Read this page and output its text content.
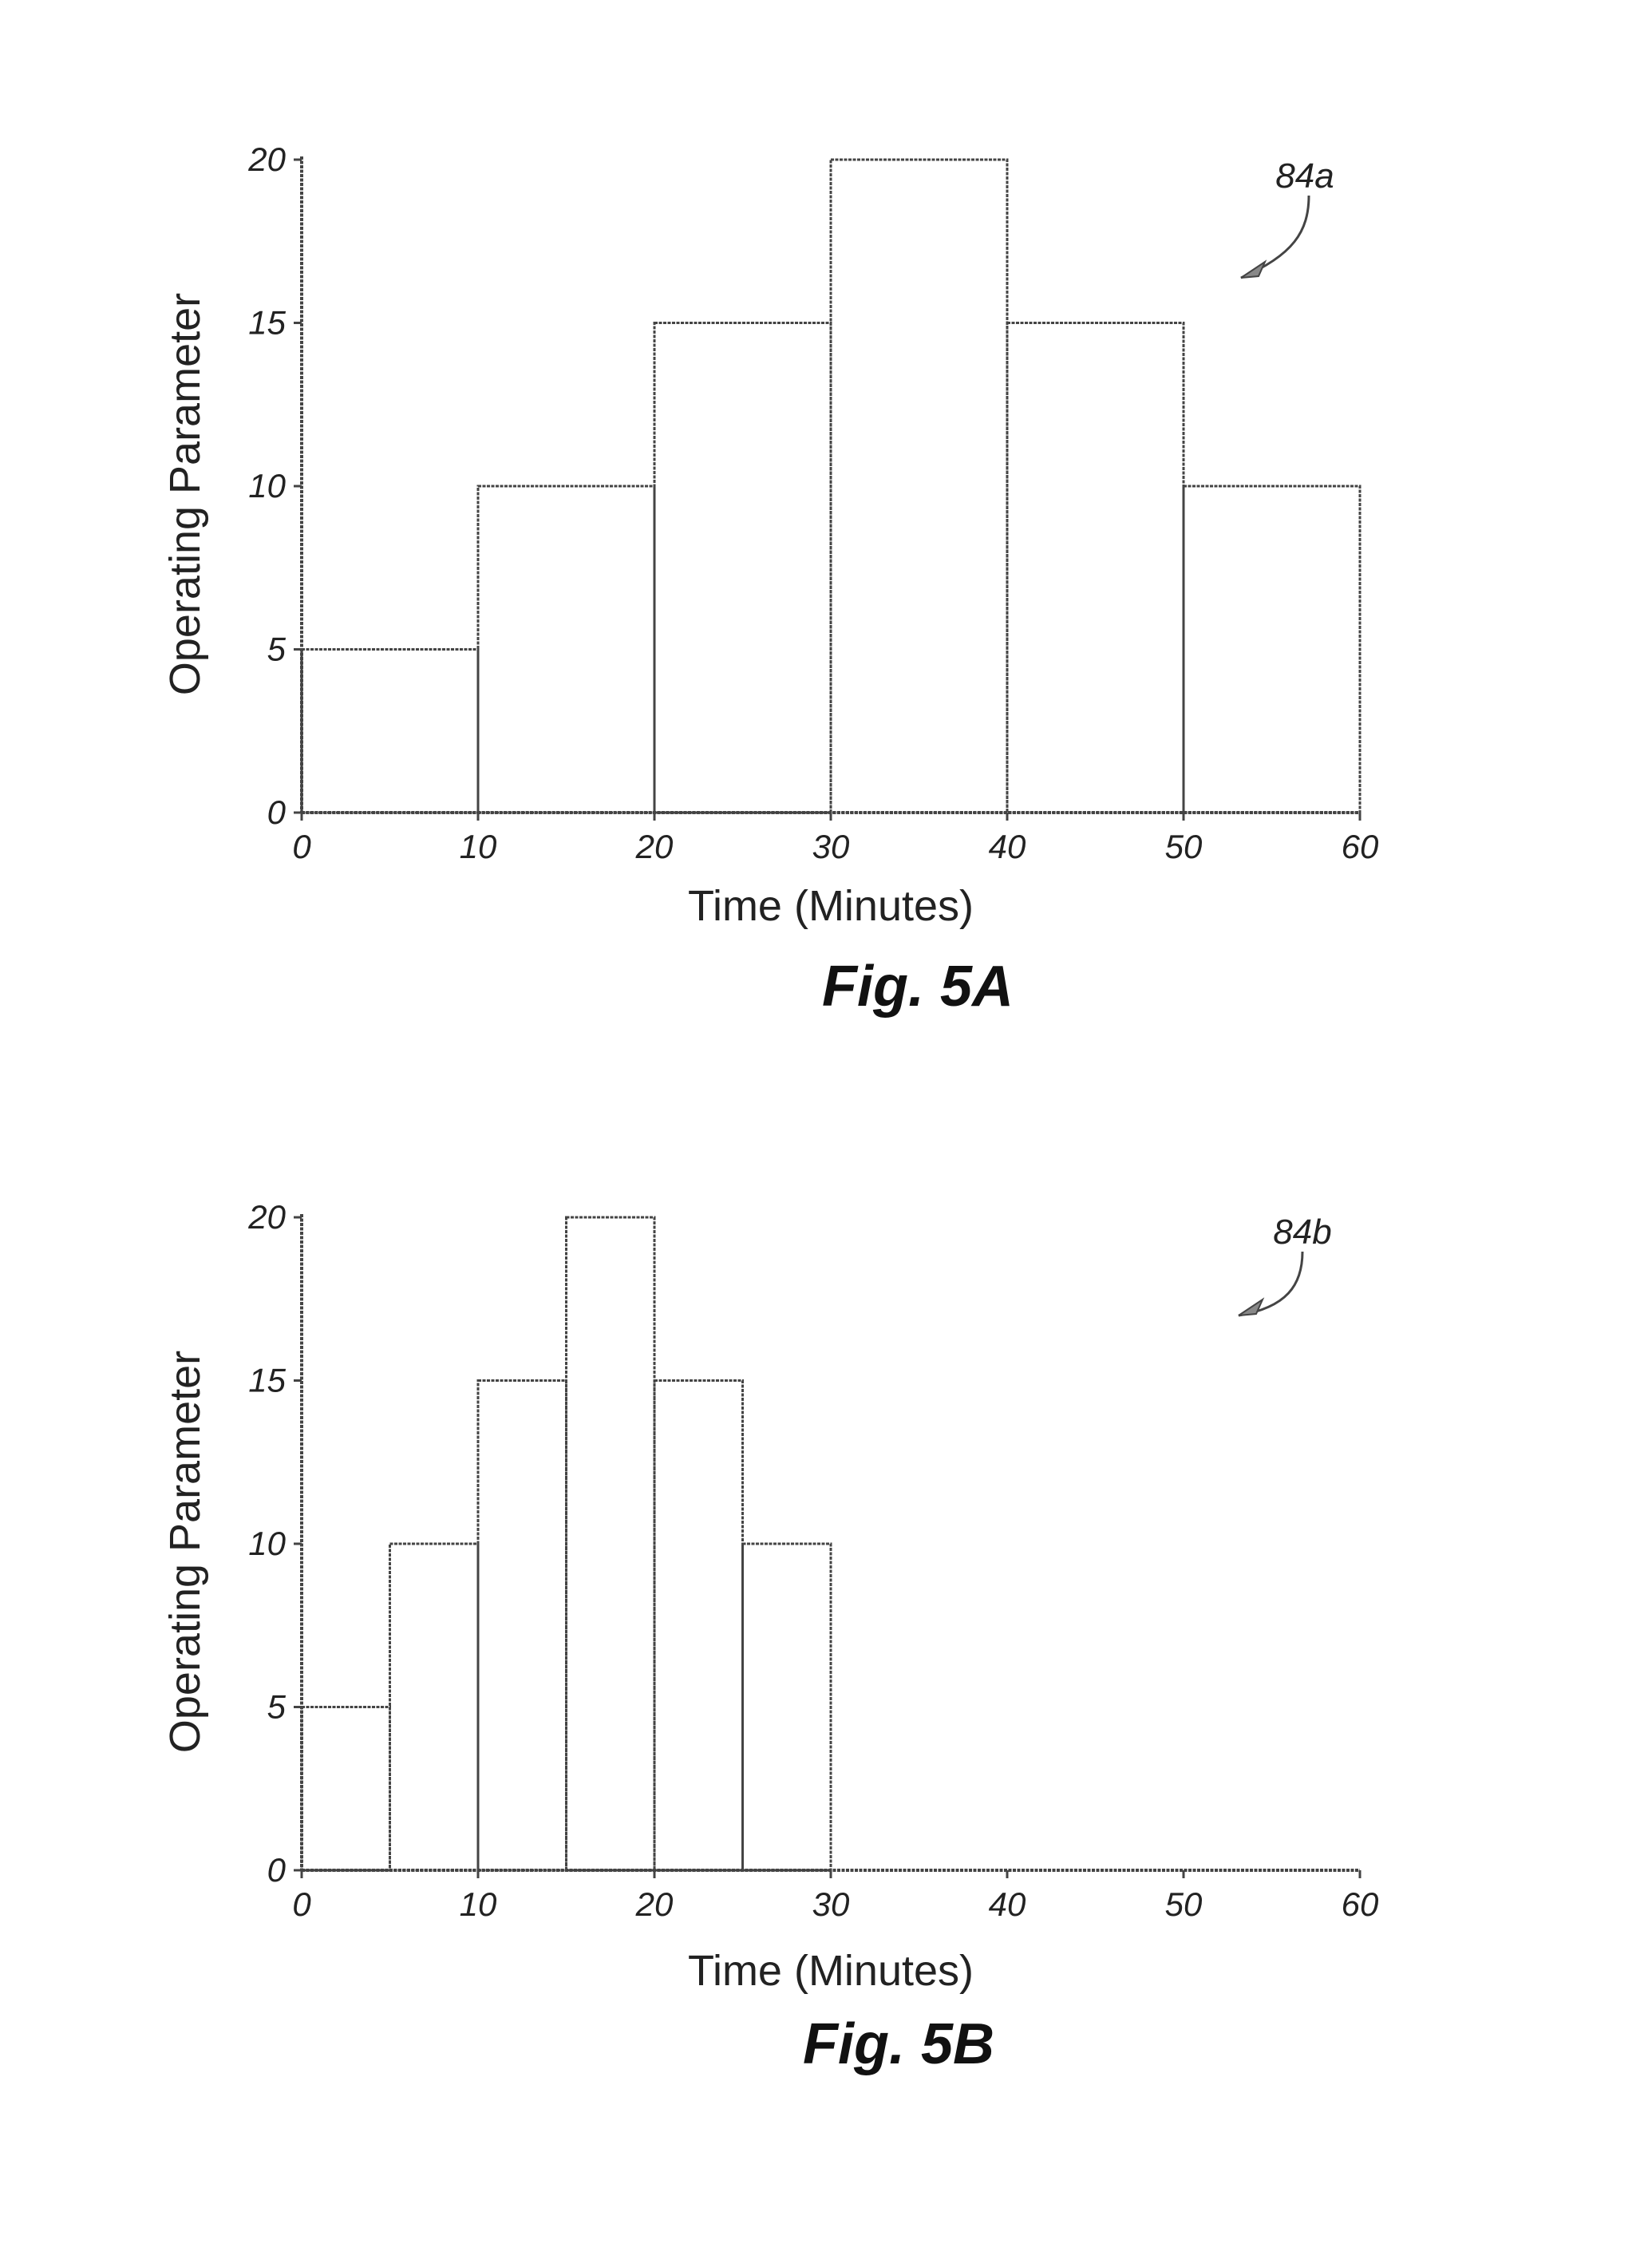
0
5
10
15
20
0	10	20	30	40	50	60
Time (Minutes)
Operating Parameter
84a
0
5
10
15
20
0	10	20	30	40	50	60
Time (Minutes)
Operating Parameter
84b
Fig. 5A
Fig. 5B
